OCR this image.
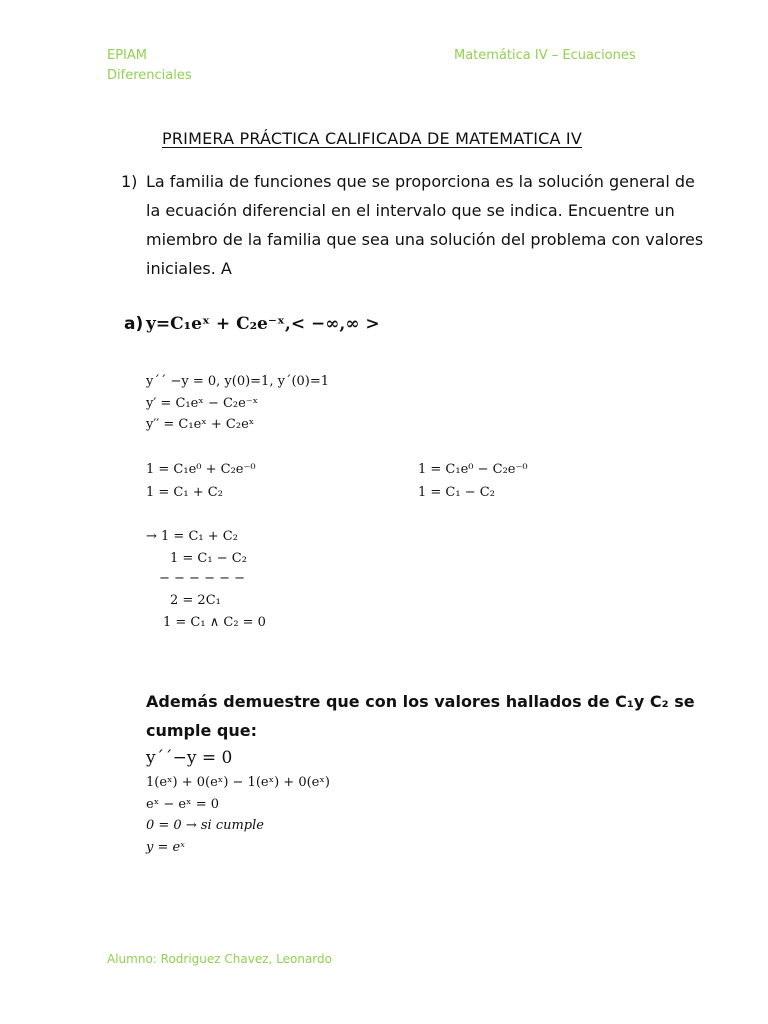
EPIAM
Diferenciales
Matemática IV – Ecuaciones
PRIMERA PRÁCTICA CALIFICADA DE MATEMATICA IV
1) La familia de funciones que se proporciona es la solución general de
la ecuación diferencial en el intervalo que se indica. Encuentre un
miembro de la familia que sea una solución del problema con valores
iniciales. A
a) y=C₁eˣ + C₂e⁻ˣ,< −∞,∞ >
y´´ −y = 0, y(0)=1, y´(0)=1
y′ = C₁eˣ − C₂e⁻ˣ
y′′ = C₁eˣ + C₂eˣ
1 = C₁e⁰ + C₂e⁻⁰
1 = C₁ + C₂
1 = C₁e⁰ − C₂e⁻⁰
1 = C₁ − C₂
→ 1 = C₁ + C₂
1 = C₁ − C₂
− − − − − −
2 = 2C₁
1 = C₁ ∧ C₂ = 0
Además demuestre que con los valores hallados de C₁y C₂ se
cumple que:
y´´−y = 0
1(eˣ) + 0(eˣ) − 1(eˣ) + 0(eˣ)
eˣ − eˣ = 0
0 = 0 → si cumple
y = eˣ
Alumno: Rodriguez Chavez, Leonardo
